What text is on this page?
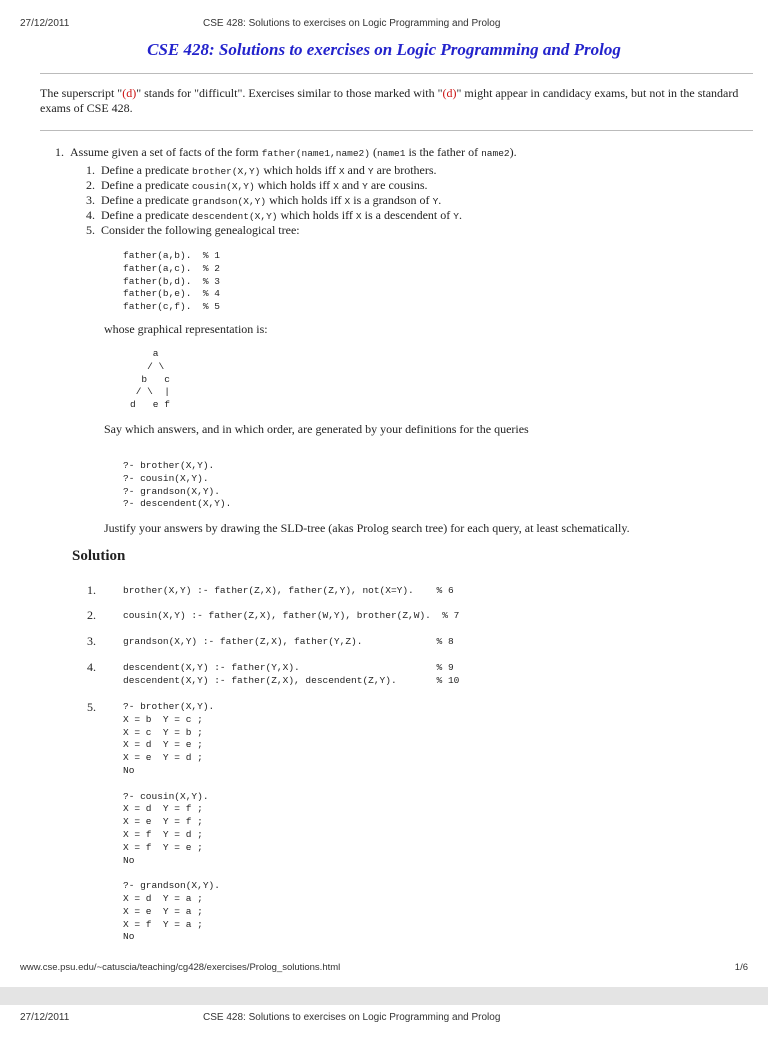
27/12/2011	CSE 428: Solutions to exercises on Logic Programming and Prolog
CSE 428: Solutions to exercises on Logic Programming and Prolog
The superscript "(d)" stands for "difficult". Exercises similar to those marked with "(d)" might appear in candidacy exams, but not in the standard exams of CSE 428.
1. Assume given a set of facts of the form father(name1,name2) (name1 is the father of name2).
1. Define a predicate brother(X,Y) which holds iff X and Y are brothers.
2. Define a predicate cousin(X,Y) which holds iff X and Y are cousins.
3. Define a predicate grandson(X,Y) which holds iff X is a grandson of Y.
4. Define a predicate descendent(X,Y) which holds iff X is a descendent of Y.
5. Consider the following genealogical tree:
father(a,b).  % 1
father(a,c).  % 2
father(b,d).  % 3
father(b,e).  % 4
father(c,f).  % 5
whose graphical representation is:
a
/ \
b   c
/ \  |
d   e f
Say which answers, and in which order, are generated by your definitions for the queries
?- brother(X,Y).
?- cousin(X,Y).
?- grandson(X,Y).
?- descendent(X,Y).
Justify your answers by drawing the SLD-tree (akas Prolog search tree) for each query, at least schematically.
Solution
1.	brother(X,Y) :- father(Z,X), father(Z,Y), not(X=Y).    % 6
2.	cousin(X,Y) :- father(Z,X), father(W,Y), brother(Z,W).  % 7
3.	grandson(X,Y) :- father(Z,X), father(Y,Z).             % 8
4.	descendent(X,Y) :- father(Y,X).                        % 9
descendent(X,Y) :- father(Z,X), descendent(Z,Y).       % 10
5.	?- brother(X,Y).
X = b  Y = c ;
X = c  Y = b ;
X = d  Y = e ;
X = e  Y = d ;
No

?- cousin(X,Y).
X = d  Y = f ;
X = e  Y = f ;
X = f  Y = d ;
X = f  Y = e ;
No

?- grandson(X,Y).
X = d  Y = a ;
X = e  Y = a ;
X = f  Y = a ;
No
www.cse.psu.edu/~catuscia/teaching/cg428/exercises/Prolog_solutions.html	1/6
27/12/2011	CSE 428: Solutions to exercises on Logic Programming and Prolog
